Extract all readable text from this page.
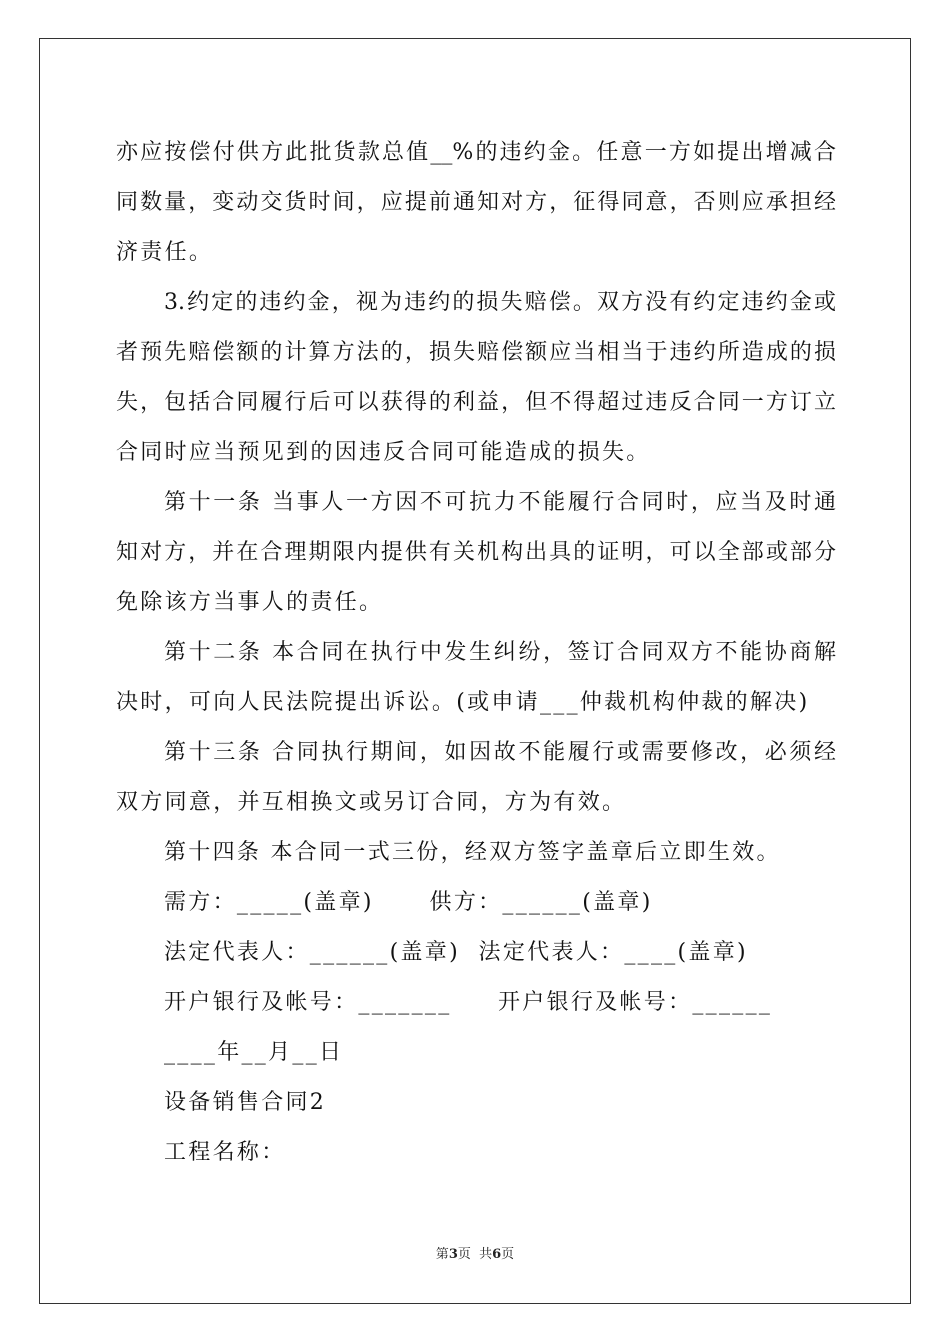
亦应按偿付供方此批货款总值__%的违约金。任意一方如提出增减合
同数量，变动交货时间，应提前通知对方，征得同意，否则应承担经
济责任。
3.约定的违约金，视为违约的损失赔偿。双方没有约定违约金或
者预先赔偿额的计算方法的，损失赔偿额应当相当于违约所造成的损
失，包括合同履行后可以获得的利益，但不得超过违反合同一方订立
合同时应当预见到的因违反合同可能造成的损失。
第十一条 当事人一方因不可抗力不能履行合同时，应当及时通
知对方，并在合理期限内提供有关机构出具的证明，可以全部或部分
免除该方当事人的责任。
第十二条 本合同在执行中发生纠纷，签订合同双方不能协商解
决时，可向人民法院提出诉讼。(或申请___仲裁机构仲裁的解决)
第十三条 合同执行期间，如因故不能履行或需要修改，必须经
双方同意，并互相换文或另订合同，方为有效。
第十四条 本合同一式三份，经双方签字盖章后立即生效。
需方：_____(盖章)      供方：______(盖章)
法定代表人：______(盖章)  法定代表人：____(盖章)
开户银行及帐号：_______     开户银行及帐号：______
____年__月__日
设备销售合同2
工程名称：
第3页  共6页
